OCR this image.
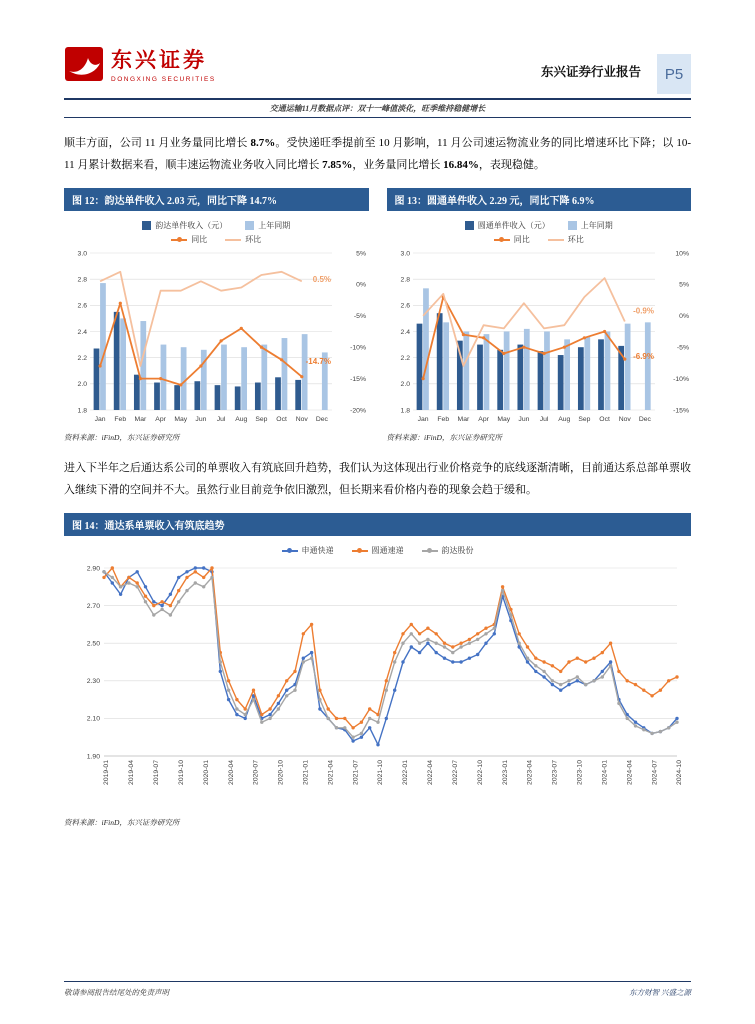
东兴证券
DONGXING SECURITIES
东兴证券行业报告	P5
交通运输11月数据点评：双十一峰值淡化，旺季维持稳健增长

顺丰方面，公司 11 月业务量同比增长 8.7%。受快递旺季提前至 10 月影响，11 月公司速运物流业务的同比增速环比下降；以 10-11 月累计数据来看，顺丰速运物流业务收入同比增长 7.85%，业务量同比增长 16.84%，表现稳健。

图 12：韵达单件收入 2.03 元，同比下降 14.7%
韵达单件收入（元）	上年同期
同比	环比
1.8
2.0
2.2
2.4
2.6
2.8
3.0
-20%
-15%
-10%
-5%
0%
5%
Jan Feb Mar Apr May Jun Jul Aug Sep Oct Nov Dec
0.5%
-14.7%
资料来源：iFinD，东兴证券研究所
图 13：圆通单件收入 2.29 元，同比下降 6.9%
圆通单件收入（元）	上年同期
同比	环比
1.8
2.0
2.2
2.4
2.6
2.8
3.0
-15%
-10%
-5%
0%
5%
10%
Jan Feb Mar Apr May Jun Jul Aug Sep Oct Nov Dec
-0.9%
-6.9%
资料来源：iFinD，东兴证券研究所

进入下半年之后通达系公司的单票收入有筑底回升趋势，我们认为这体现出行业价格竞争的底线逐渐清晰，目前通达系总部单票收入继续下滑的空间并不大。虽然行业目前竞争依旧激烈，但长期来看价格内卷的现象会趋于缓和。

图 14：通达系单票收入有筑底趋势
申通快递	圆通速递	韵达股份
1.90
2.10
2.30
2.50
2.70
2.90
2019-01	2019-04	2019-07	2019-10	2020-01	2020-04	2020-07	2020-10	2021-01	2021-04	2021-07	2021-10	2022-01	2022-04	2022-07	2022-10	2023-01	2023-04	2023-07	2023-10	2024-01	2024-04	2024-07	2024-10
资料来源：iFinD，东兴证券研究所
敬请参阅报告结尾处的免责声明	东方财智 兴盛之源
